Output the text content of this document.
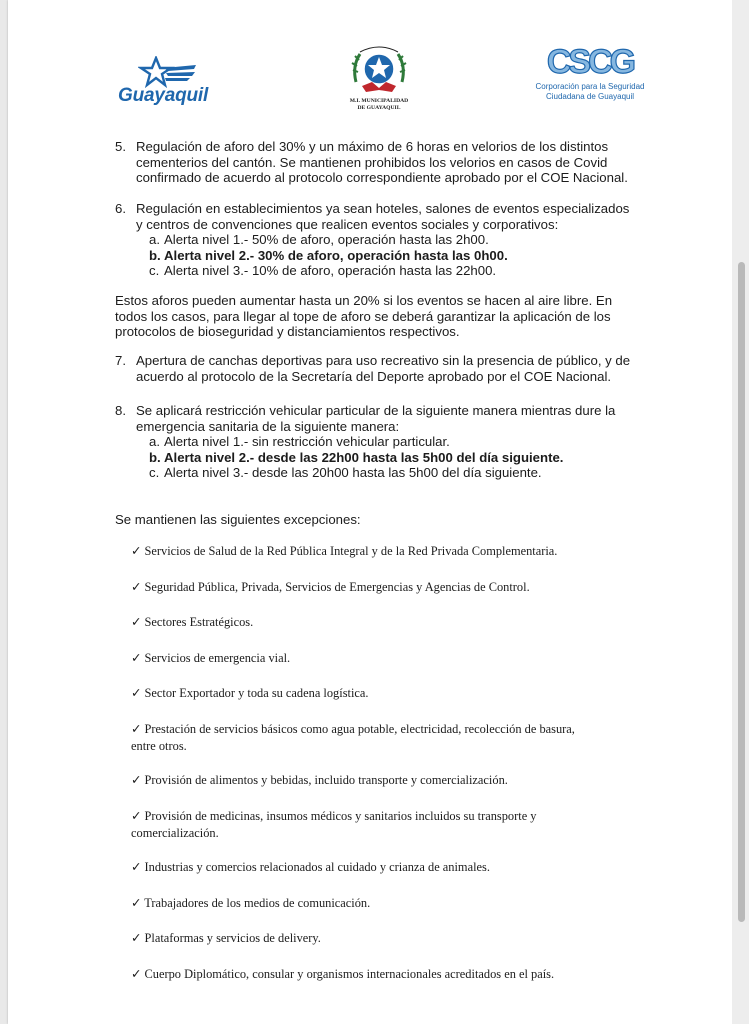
Guayaquil	M.I. MUNICIPALIDAD
DE GUAYAQUIL
CSCG
Corporación para la Seguridad
Ciudadana de Guayaquil
5. Regulación de aforo del 30% y un máximo de 6 horas en velorios de los distintos
cementerios del cantón. Se mantienen prohibidos los velorios en casos de Covid
confirmado de acuerdo al protocolo correspondiente aprobado por el COE Nacional.
6. Regulación en establecimientos ya sean hoteles, salones de eventos especializados
y centros de convenciones que realicen eventos sociales y corporativos:
a. Alerta nivel 1.- 50% de aforo, operación hasta las 2h00.
b. Alerta nivel 2.- 30% de aforo, operación hasta las 0h00.
c. Alerta nivel 3.- 10% de aforo, operación hasta las 22h00.
Estos aforos pueden aumentar hasta un 20% si los eventos se hacen al aire libre. En
todos los casos, para llegar al tope de aforo se deberá garantizar la aplicación de los
protocolos de bioseguridad y distanciamientos respectivos.
7. Apertura de canchas deportivas para uso recreativo sin la presencia de público, y de
acuerdo al protocolo de la Secretaría del Deporte aprobado por el COE Nacional.
8. Se aplicará restricción vehicular particular de la siguiente manera mientras dure la
emergencia sanitaria de la siguiente manera:
a. Alerta nivel 1.- sin restricción vehicular particular.
b. Alerta nivel 2.- desde las 22h00 hasta las 5h00 del día siguiente.
c. Alerta nivel 3.- desde las 20h00 hasta las 5h00 del día siguiente.
Se mantienen las siguientes excepciones:
✓ Servicios de Salud de la Red Pública Integral y de la Red Privada Complementaria.
✓ Seguridad Pública, Privada, Servicios de Emergencias y Agencias de Control.
✓ Sectores Estratégicos.
✓ Servicios de emergencia vial.
✓ Sector Exportador y toda su cadena logística.
✓ Prestación de servicios básicos como agua potable, electricidad, recolección de basura,
entre otros.
✓ Provisión de alimentos y bebidas, incluido transporte y comercialización.
✓ Provisión de medicinas, insumos médicos y sanitarios incluidos su transporte y
comercialización.
✓ Industrias y comercios relacionados al cuidado y crianza de animales.
✓ Trabajadores de los medios de comunicación.
✓ Plataformas y servicios de delivery.
✓ Cuerpo Diplomático, consular y organismos internacionales acreditados en el país.
